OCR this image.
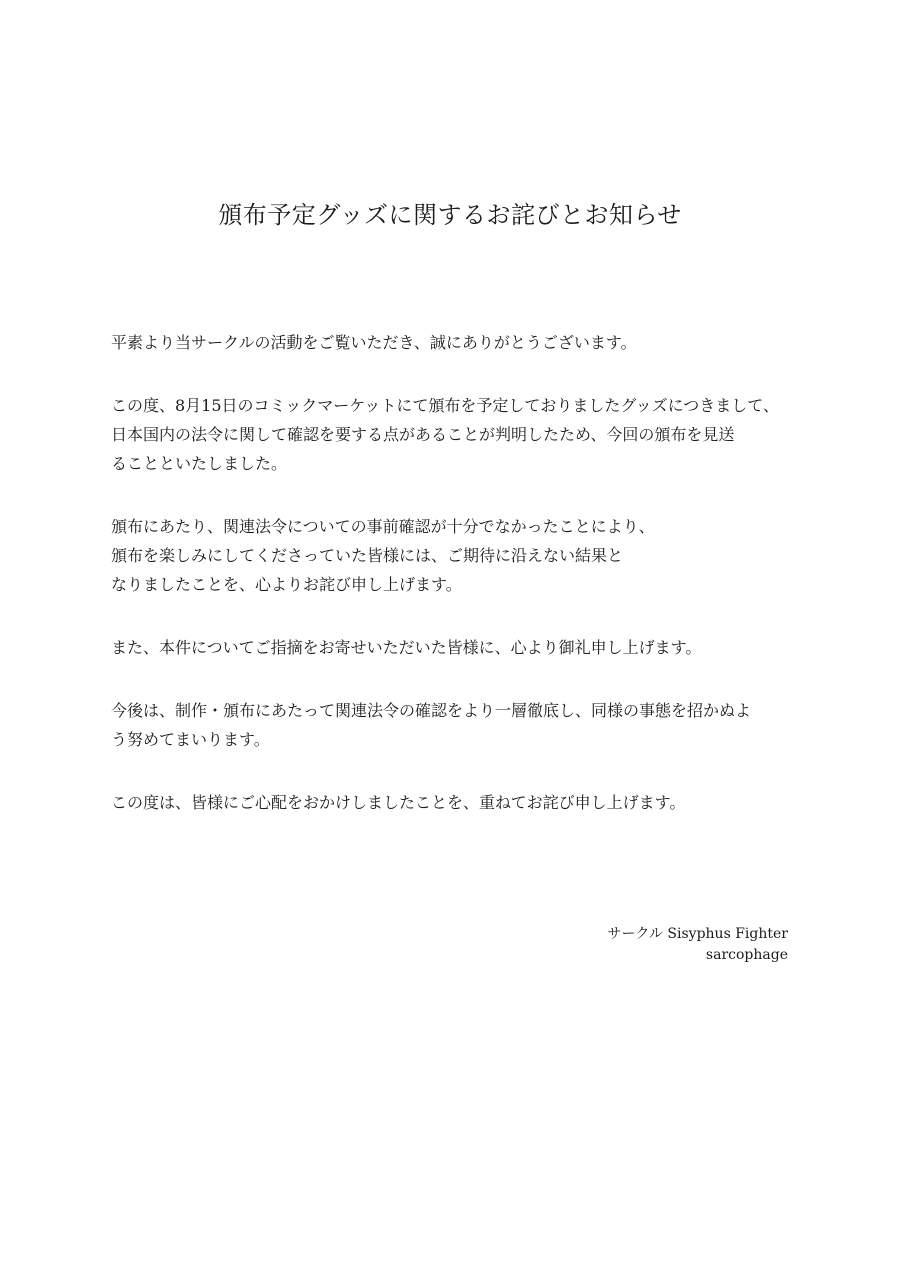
頒布予定グッズに関するお詫びとお知らせ

平素より当サークルの活動をご覧いただき、誠にありがとうございます。

この度、8月15日のコミックマーケットにて頒布を予定しておりましたグッズにつきまして、
日本国内の法令に関して確認を要する点があることが判明したため、今回の頒布を見送
ることといたしました。

頒布にあたり、関連法令についての事前確認が十分でなかったことにより、
頒布を楽しみにしてくださっていた皆様には、ご期待に沿えない結果と
なりましたことを、心よりお詫び申し上げます。

また、本件についてご指摘をお寄せいただいた皆様に、心より御礼申し上げます。

今後は、制作・頒布にあたって関連法令の確認をより一層徹底し、同様の事態を招かぬよ
う努めてまいります。

この度は、皆様にご心配をおかけしましたことを、重ねてお詫び申し上げます。

サークル Sisyphus Fighter
sarcophage
